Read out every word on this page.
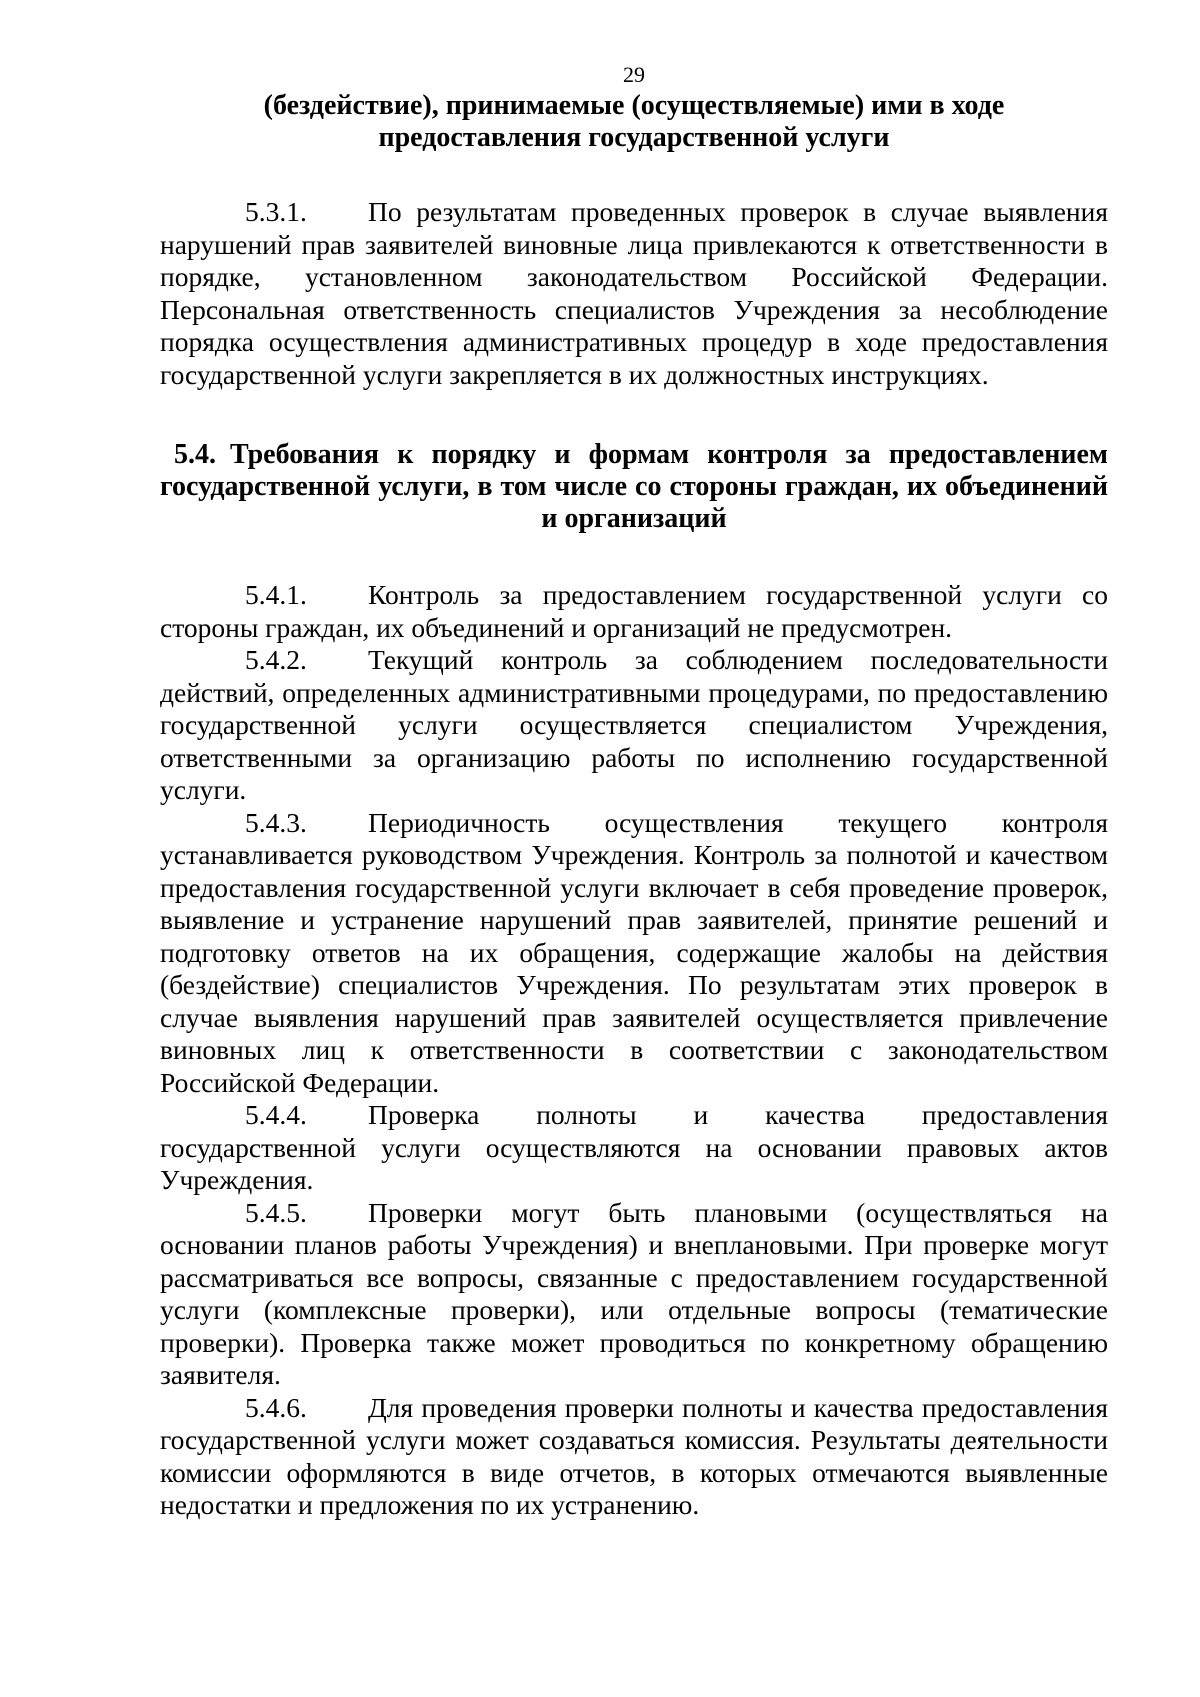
29
(бездействие), принимаемые (осуществляемые) ими в ходе предоставления государственной услуги

5.3.1. По результатам проведенных проверок в случае выявления нарушений прав заявителей виновные лица привлекаются к ответственности в порядке, установленном законодательством Российской Федерации. Персональная ответственность специалистов Учреждения за несоблюдение порядка осуществления административных процедур в ходе предоставления государственной услуги закрепляется в их должностных инструкциях.

5.4. Требования к порядку и формам контроля за предоставлением государственной услуги, в том числе со стороны граждан, их объединений и организаций

5.4.1. Контроль за предоставлением государственной услуги со стороны граждан, их объединений и организаций не предусмотрен.

5.4.2. Текущий контроль за соблюдением последовательности действий, определенных административными процедурами, по предоставлению государственной услуги осуществляется специалистом Учреждения, ответственными за организацию работы по исполнению государственной услуги.

5.4.3. Периодичность осуществления текущего контроля устанавливается руководством Учреждения. Контроль за полнотой и качеством предоставления государственной услуги включает в себя проведение проверок, выявление и устранение нарушений прав заявителей, принятие решений и подготовку ответов на их обращения, содержащие жалобы на действия (бездействие) специалистов Учреждения. По результатам этих проверок в случае выявления нарушений прав заявителей осуществляется привлечение виновных лиц к ответственности в соответствии с законодательством Российской Федерации.

5.4.4. Проверка полноты и качества предоставления государственной услуги осуществляются на основании правовых актов Учреждения.

5.4.5. Проверки могут быть плановыми (осуществляться на основании планов работы Учреждения) и внеплановыми. При проверке могут рассматриваться все вопросы, связанные с предоставлением государственной услуги (комплексные проверки), или отдельные вопросы (тематические проверки). Проверка также может проводиться по конкретному обращению заявителя.

5.4.6. Для проведения проверки полноты и качества предоставления государственной услуги может создаваться комиссия. Результаты деятельности комиссии оформляются в виде отчетов, в которых отмечаются выявленные недостатки и предложения по их устранению.
